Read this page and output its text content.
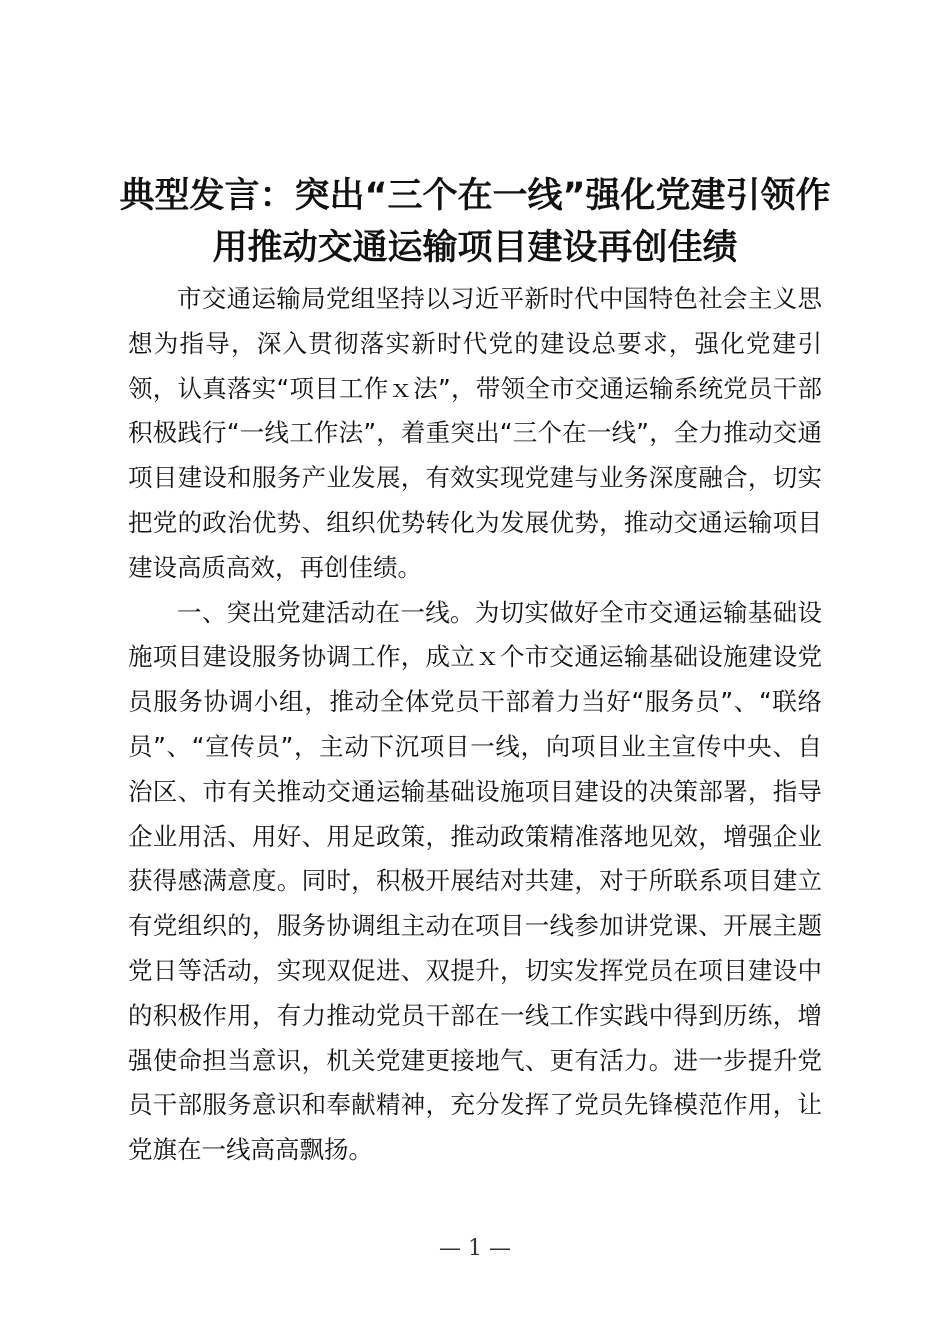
典型发言：突出“三个在一线”强化党建引领作用推动交通运输项目建设再创佳绩

市交通运输局党组坚持以习近平新时代中国特色社会主义思想为指导，深入贯彻落实新时代党的建设总要求，强化党建引领，认真落实“项目工作ｘ法”，带领全市交通运输系统党员干部积极践行“一线工作法”，着重突出“三个在一线”，全力推动交通项目建设和服务产业发展，有效实现党建与业务深度融合，切实把党的政治优势、组织优势转化为发展优势，推动交通运输项目建设高质高效，再创佳绩。

一、突出党建活动在一线。为切实做好全市交通运输基础设施项目建设服务协调工作，成立ｘ个市交通运输基础设施建设党员服务协调小组，推动全体党员干部着力当好“服务员”、“联络员”、“宣传员”，主动下沉项目一线，向项目业主宣传中央、自治区、市有关推动交通运输基础设施项目建设的决策部署，指导企业用活、用好、用足政策，推动政策精准落地见效，增强企业获得感满意度。同时，积极开展结对共建，对于所联系项目建立有党组织的，服务协调组主动在项目一线参加讲党课、开展主题党日等活动，实现双促进、双提升，切实发挥党员在项目建设中的积极作用，有力推动党员干部在一线工作实践中得到历练，增强使命担当意识，机关党建更接地气、更有活力。进一步提升党员干部服务意识和奉献精神，充分发挥了党员先锋模范作用，让党旗在一线高高飘扬。

— 1 —
